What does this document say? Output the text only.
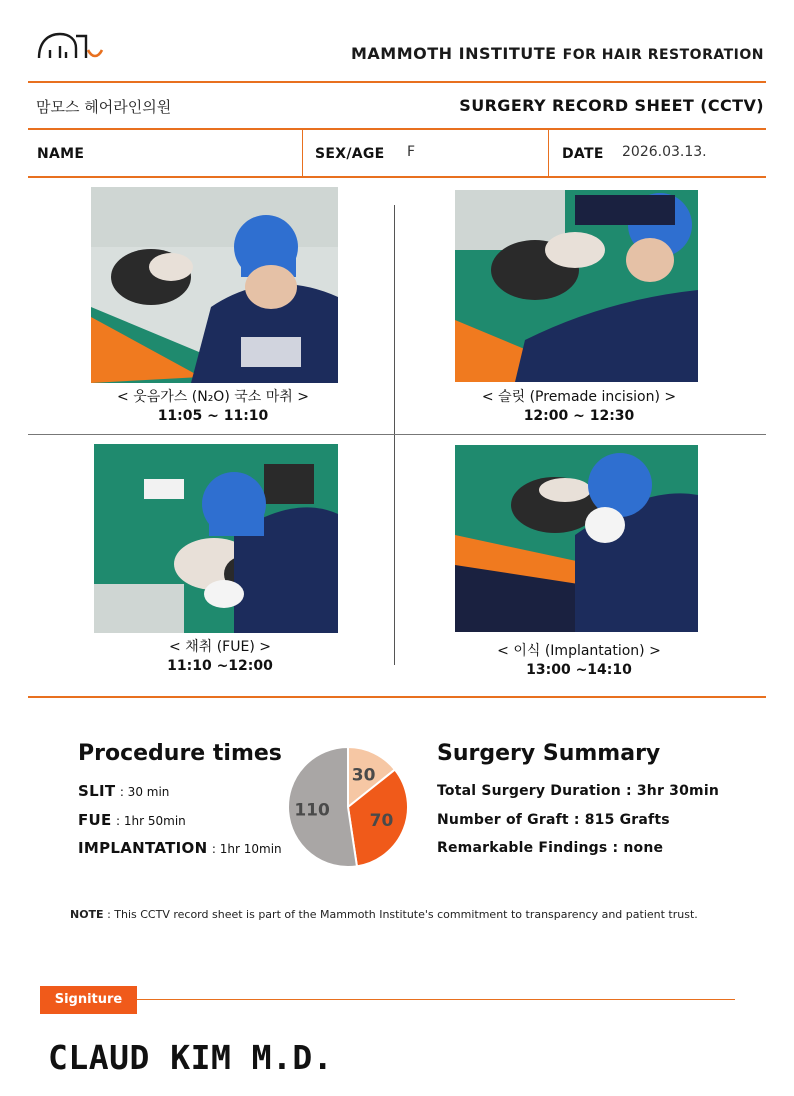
MAMMOTH INSTITUTE FOR HAIR RESTORATION
맘모스 헤어라인의원	SURGERY RECORD SHEET (CCTV)
NAME	SEX/AGE F	DATE 2026.03.13.
< 웃음가스 (N₂O) 국소 마취 >
11:05 ~ 11:10
< 슬릿 (Premade incision) >
12:00 ~ 12:30
< 채취 (FUE) >
11:10 ~12:00
< 이식 (Implantation) >
13:00 ~14:10
Procedure times
SLIT : 30 min
FUE : 1hr 50min
IMPLANTATION : 1hr 10min
30
70
110
Surgery Summary
Total Surgery Duration : 3hr 30min
Number of Graft : 815 Grafts
Remarkable Findings : none
NOTE : This CCTV record sheet is part of the Mammoth Institute's commitment to transparency and patient trust.
Signiture
CLAUD KIM M.D.
